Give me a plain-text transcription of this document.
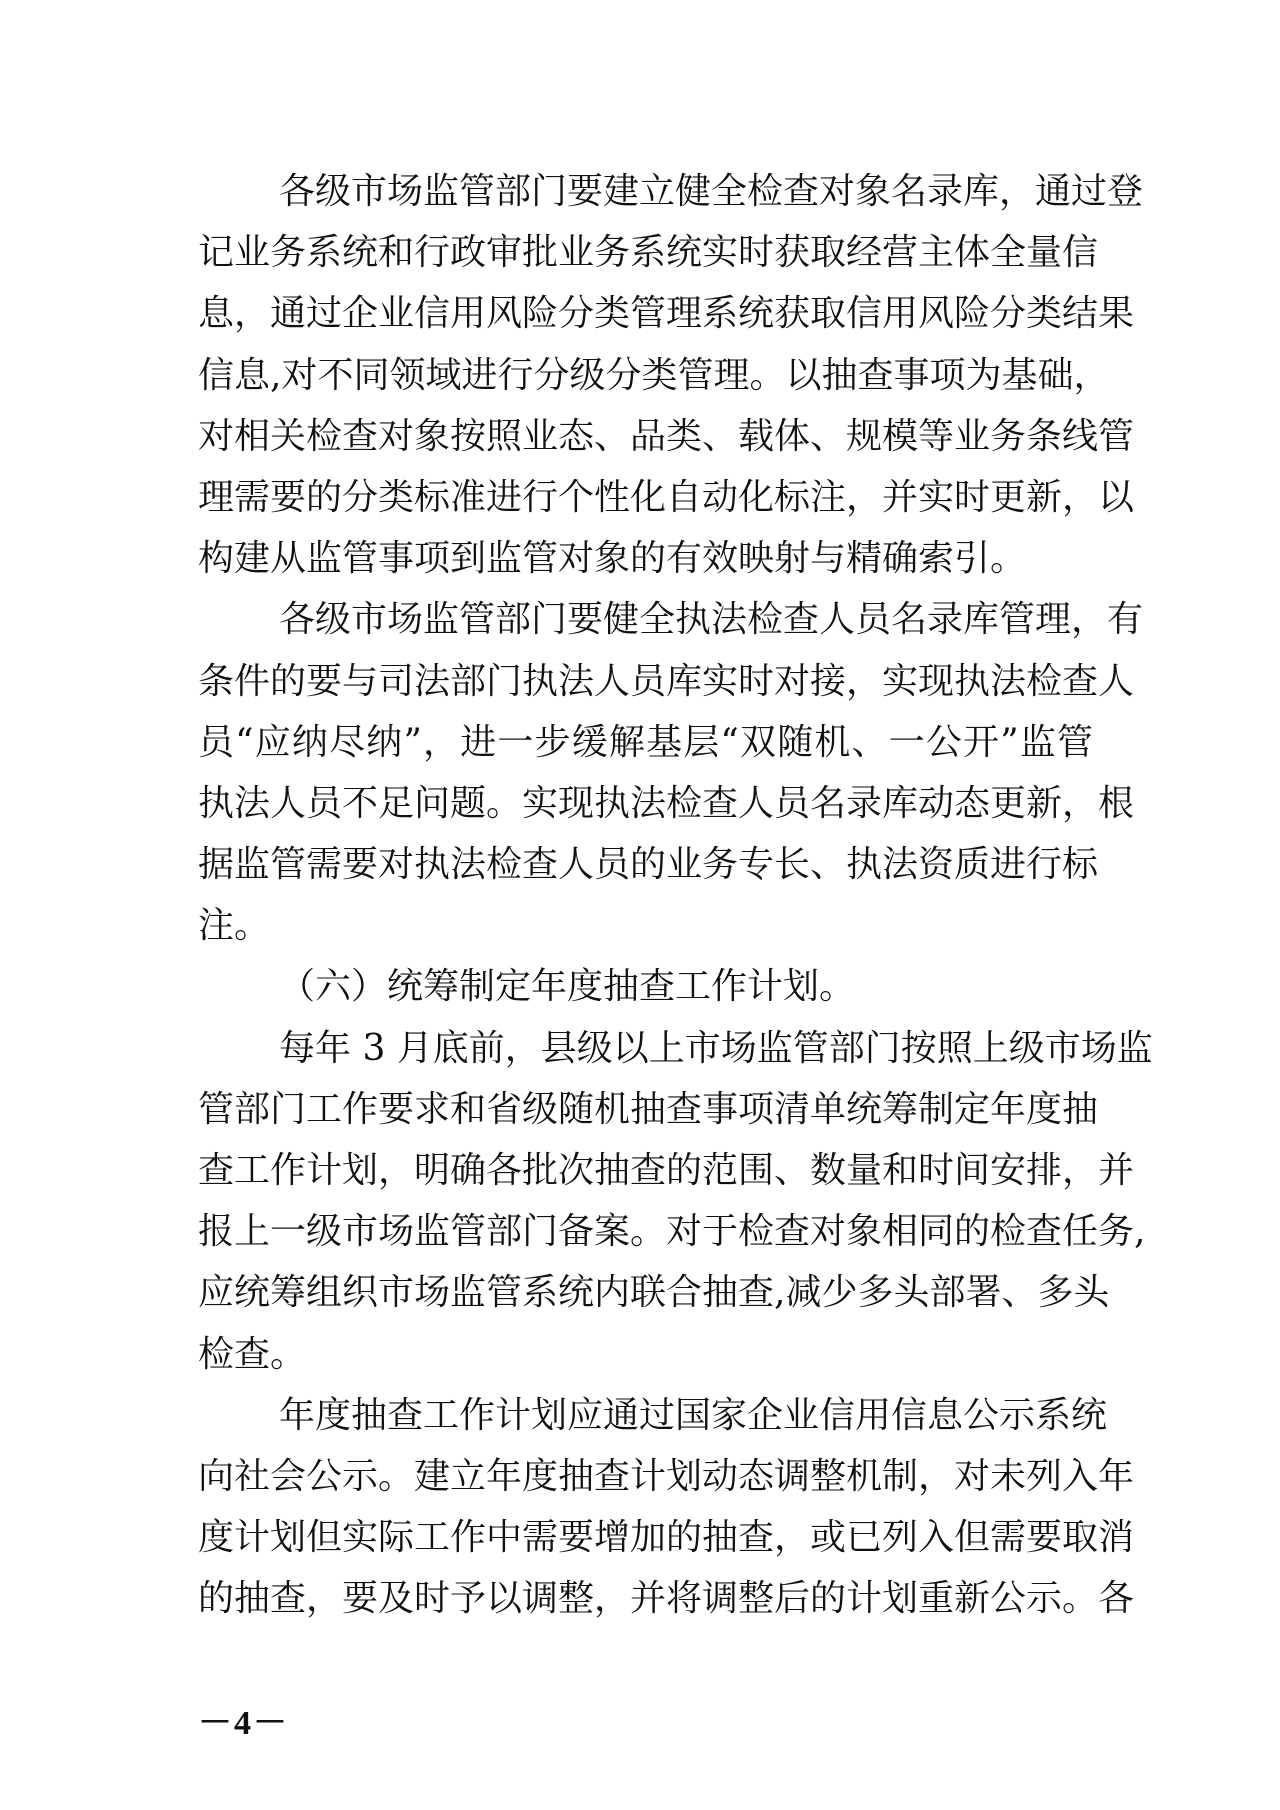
各级市场监管部门要建立健全检查对象名录库，通过登
记业务系统和行政审批业务系统实时获取经营主体全量信
息，通过企业信用风险分类管理系统获取信用风险分类结果
信息,对不同领域进行分级分类管理。以抽查事项为基础，
对相关检查对象按照业态、品类、载体、规模等业务条线管
理需要的分类标准进行个性化自动化标注，并实时更新，以
构建从监管事项到监管对象的有效映射与精确索引。
各级市场监管部门要健全执法检查人员名录库管理，有
条件的要与司法部门执法人员库实时对接，实现执法检查人
员“应纳尽纳”，进一步缓解基层“双随机、一公开”监管
执法人员不足问题。实现执法检查人员名录库动态更新，根
据监管需要对执法检查人员的业务专长、执法资质进行标
注。
（六）统筹制定年度抽查工作计划。
每年 3 月底前，县级以上市场监管部门按照上级市场监
管部门工作要求和省级随机抽查事项清单统筹制定年度抽
查工作计划，明确各批次抽查的范围、数量和时间安排，并
报上一级市场监管部门备案。对于检查对象相同的检查任务,
应统筹组织市场监管系统内联合抽查,减少多头部署、多头
检查。
年度抽查工作计划应通过国家企业信用信息公示系统
向社会公示。建立年度抽查计划动态调整机制，对未列入年
度计划但实际工作中需要增加的抽查，或已列入但需要取消
的抽查，要及时予以调整，并将调整后的计划重新公示。各
－4－
